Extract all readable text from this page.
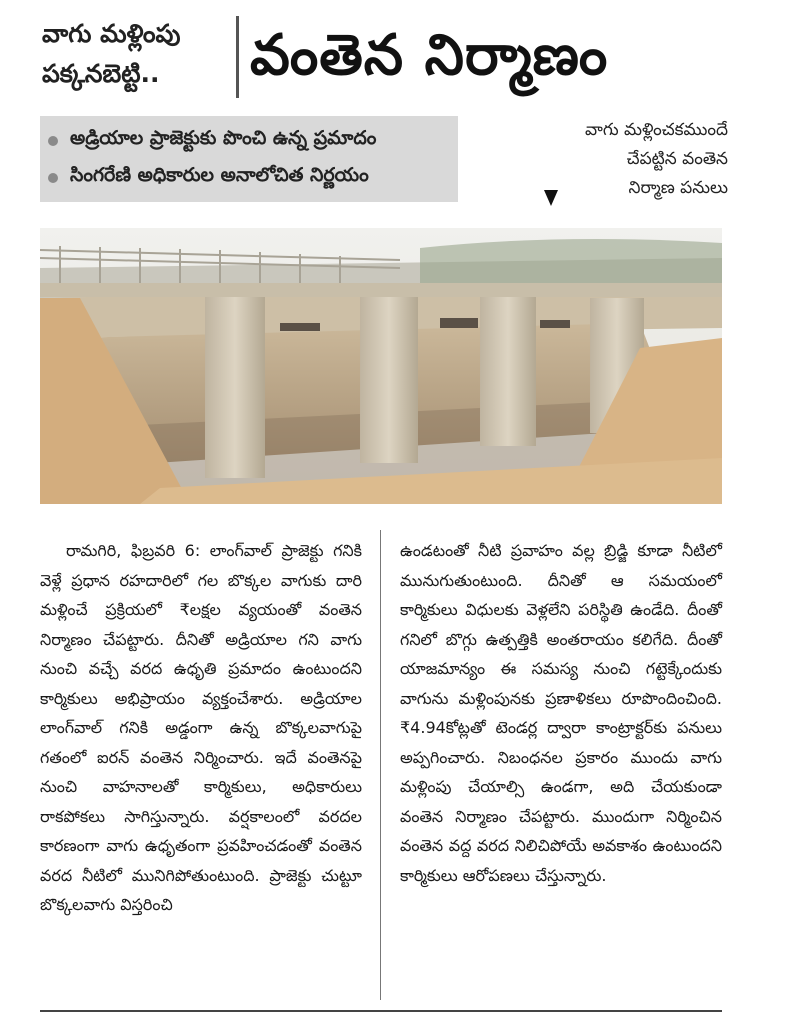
వాగు మళ్లింపు
పక్కనబెట్టి..	వంతెన నిర్మాణం
అడ్రియాల ప్రాజెక్టుకు పొంచి ఉన్న ప్రమాదం
సింగరేణి అధికారుల అనాలోచిత నిర్ణయం
వాగు మళ్లించకముందే
చేపట్టిన వంతెన
నిర్మాణ పనులు
రామగిరి, ఫిబ్రవరి 6: లాంగ్‌వాల్ ప్రాజెక్టు గనికి వెళ్లే ప్రధాన రహదారిలో గల బొక్కల వాగుకు దారి మళ్లించే ప్రక్రియలో ₹లక్షల వ్యయంతో వంతెన నిర్మాణం చేపట్టారు. దీనితో అడ్రియాల గని వాగు నుంచి వచ్చే వరద ఉధృతి ప్రమాదం ఉంటుందని కార్మికులు అభిప్రాయం వ్యక్తంచేశారు. అడ్రియాల లాంగ్‌వాల్ గనికి అడ్డంగా ఉన్న బొక్కలవాగుపై గతంలో ఐరన్ వంతెన నిర్మించారు. ఇదే వంతెనపై నుంచి వాహనాలతో కార్మికులు, అధికారులు రాకపోకలు సాగిస్తున్నారు. వర్షకాలంలో వరదల కారణంగా వాగు ఉధృతంగా ప్రవహించడంతో వంతెన వరద నీటిలో మునిగిపోతుంటుంది. ప్రాజెక్టు చుట్టూ బొక్కలవాగు విస్తరించి
ఉండటంతో నీటి ప్రవాహం వల్ల బ్రిడ్జి కూడా నీటిలో మునుగుతుంటుంది. దీనితో ఆ సమయంలో కార్మికులు విధులకు వెళ్లలేని పరిస్థితి ఉండేది. దీంతో గనిలో బొగ్గు ఉత్పత్తికి అంతరాయం కలిగేది. దీంతో యాజమాన్యం ఈ సమస్య నుంచి గట్టెక్కేందుకు వాగును మళ్లింపునకు ప్రణాళికలు రూపొందించింది. ₹4.94కోట్లతో టెండర్ల ద్వారా కాంట్రాక్టర్‌కు పనులు అప్పగించారు. నిబంధనల ప్రకారం ముందు వాగు మళ్లింపు చేయాల్సి ఉండగా, అది చేయకుండా వంతెన నిర్మాణం చేపట్టారు. ముందుగా నిర్మించిన వంతెన వద్ద వరద నిలిచిపోయే అవకాశం ఉంటుందని కార్మికులు ఆరోపణలు చేస్తున్నారు.
